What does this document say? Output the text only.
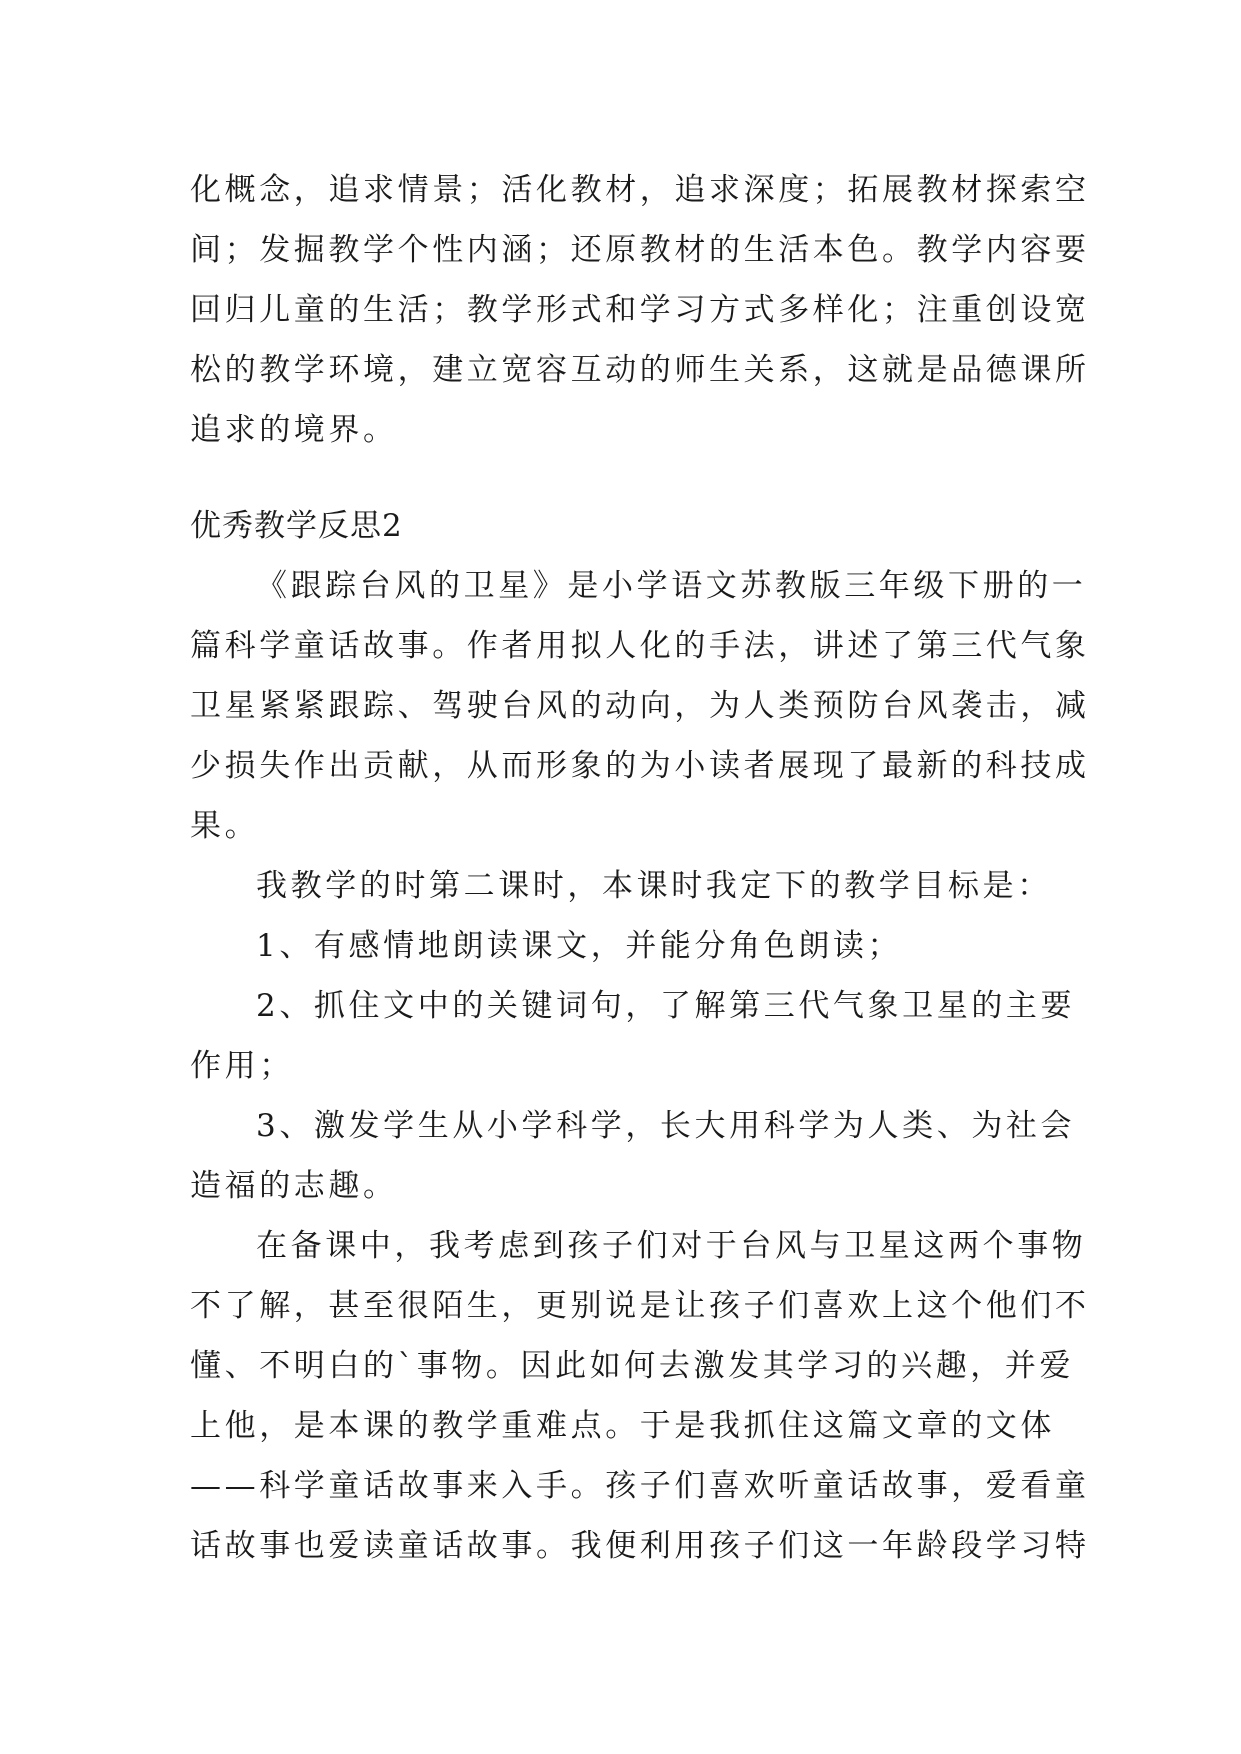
化概念，追求情景；活化教材，追求深度；拓展教材探索空
间；发掘教学个性内涵；还原教材的生活本色。教学内容要
回归儿童的生活；教学形式和学习方式多样化；注重创设宽
松的教学环境，建立宽容互动的师生关系，这就是品德课所
追求的境界。
优秀教学反思2
《跟踪台风的卫星》是小学语文苏教版三年级下册的一
篇科学童话故事。作者用拟人化的手法，讲述了第三代气象
卫星紧紧跟踪、驾驶台风的动向，为人类预防台风袭击，减
少损失作出贡献，从而形象的为小读者展现了最新的科技成
果。
我教学的时第二课时，本课时我定下的教学目标是：
1、有感情地朗读课文，并能分角色朗读；
2、抓住文中的关键词句，了解第三代气象卫星的主要
作用；
3、激发学生从小学科学，长大用科学为人类、为社会
造福的志趣。
在备课中，我考虑到孩子们对于台风与卫星这两个事物
不了解，甚至很陌生，更别说是让孩子们喜欢上这个他们不
懂、不明白的`事物。因此如何去激发其学习的兴趣，并爱
上他，是本课的教学重难点。于是我抓住这篇文章的文体
——科学童话故事来入手。孩子们喜欢听童话故事，爱看童
话故事也爱读童话故事。我便利用孩子们这一年龄段学习特
